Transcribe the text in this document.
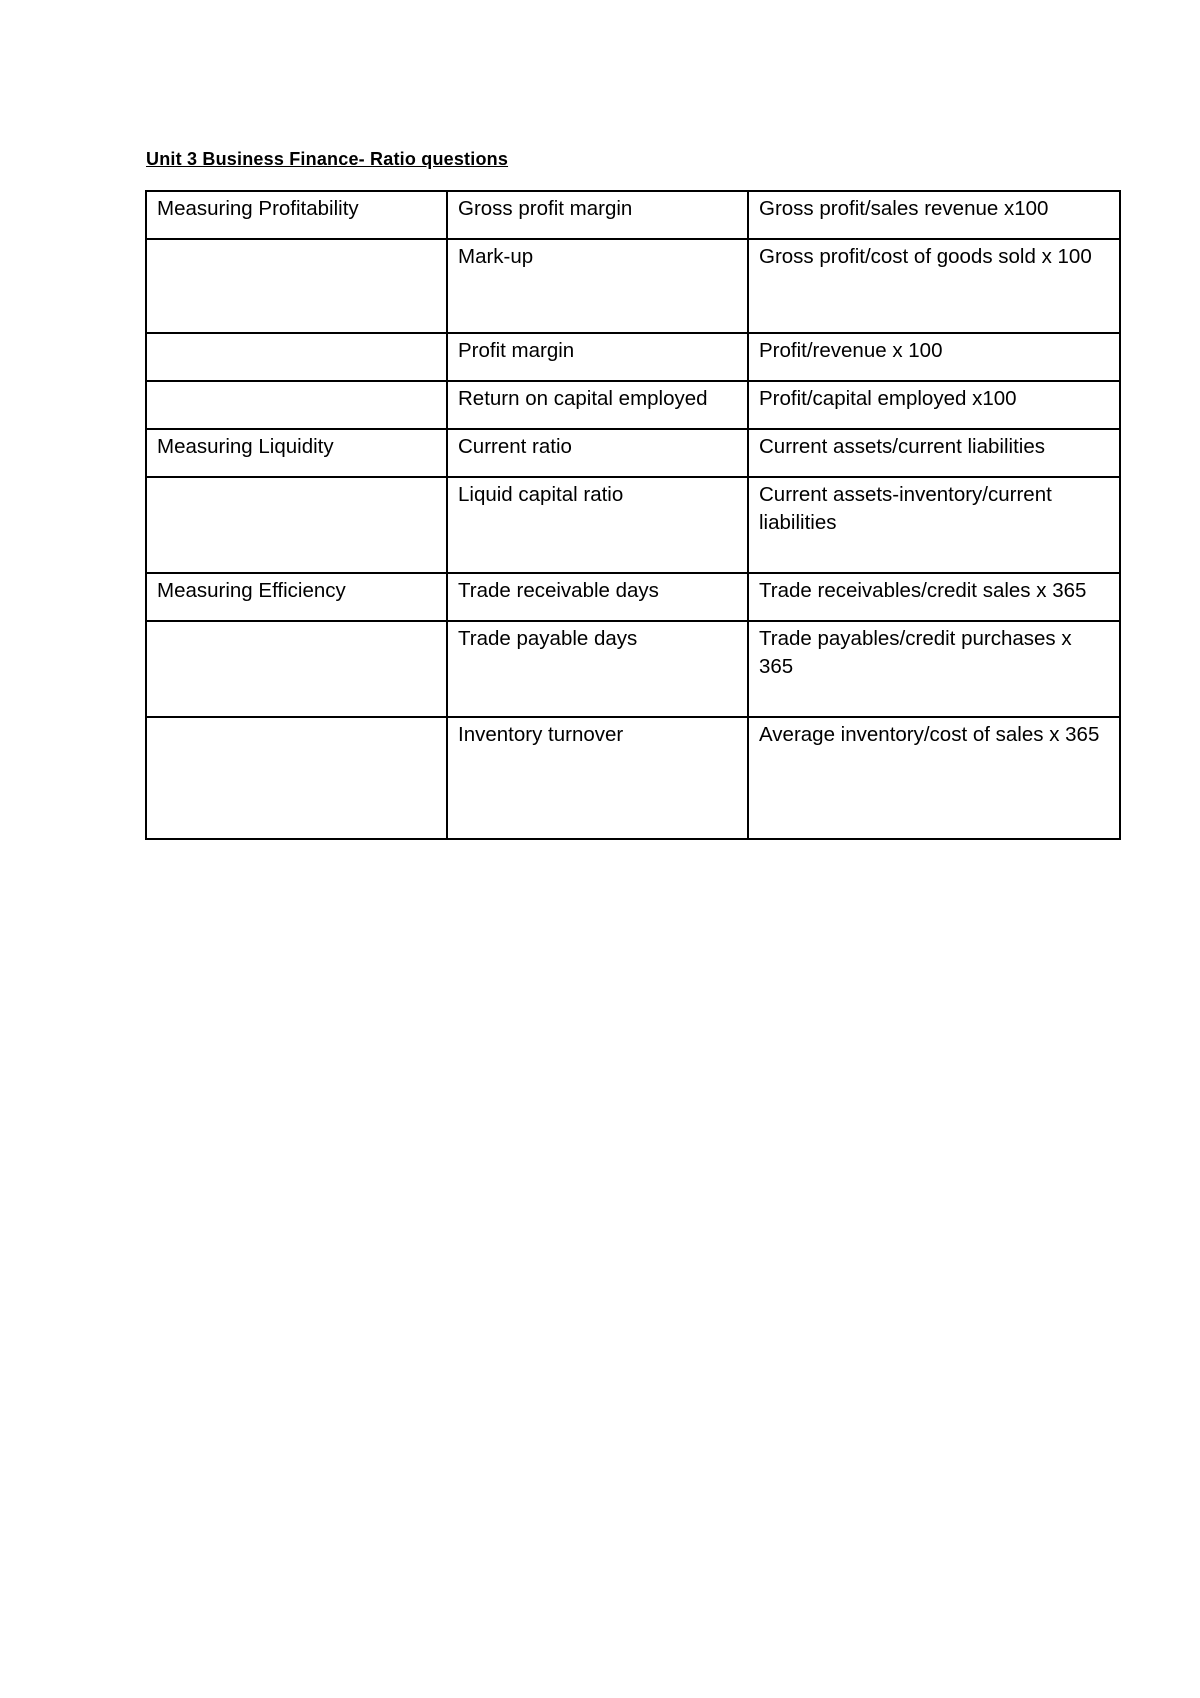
Unit 3 Business Finance- Ratio questions
Measuring Profitability	Gross profit margin	Gross profit/sales revenue x100
	Mark-up	Gross profit/cost of goods sold x 100
	Profit margin	Profit/revenue x 100
	Return on capital employed	Profit/capital employed x100
Measuring Liquidity	Current ratio	Current assets/current liabilities
	Liquid capital ratio	Current assets-inventory/current liabilities
Measuring Efficiency	Trade receivable days	Trade receivables/credit sales x 365
	Trade payable days	Trade payables/credit purchases x 365
	Inventory turnover	Average inventory/cost of sales x 365
